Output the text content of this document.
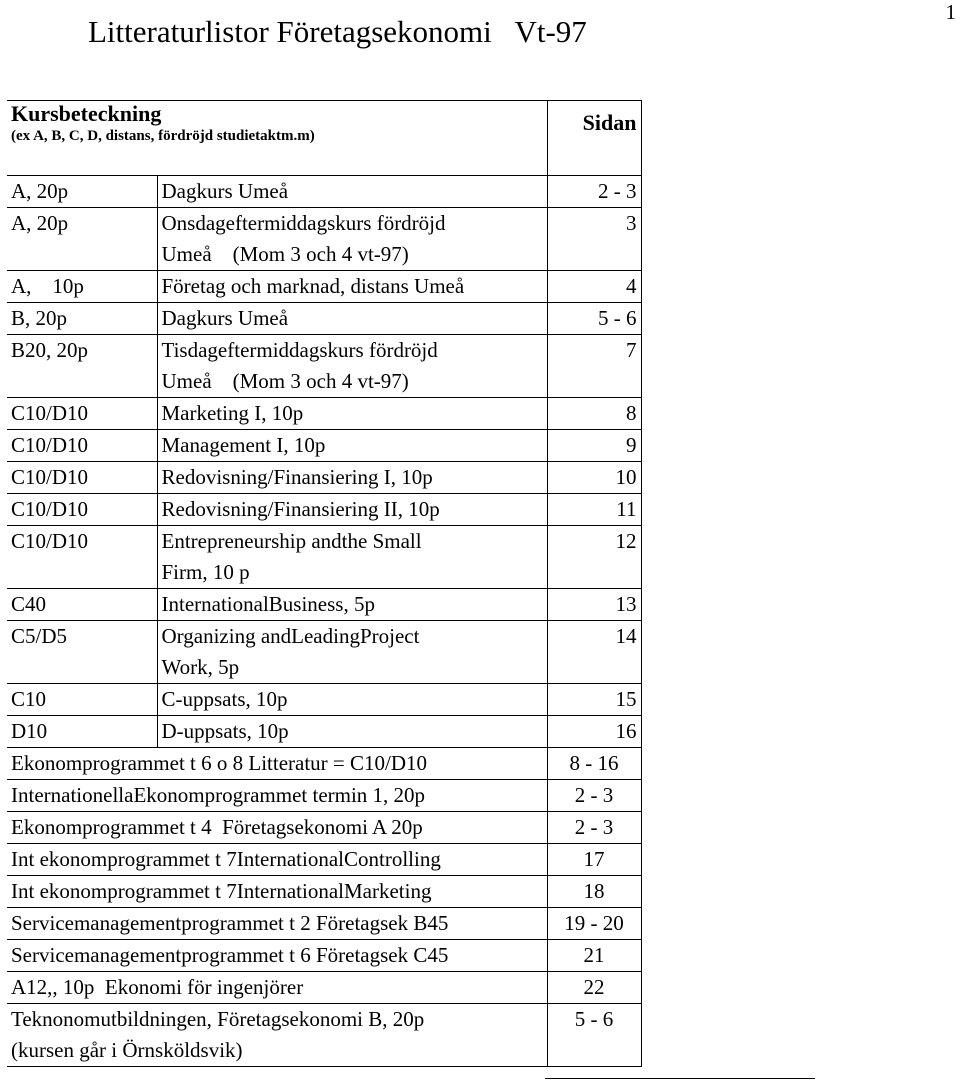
1
Litteraturlistor Företagsekonomi   Vt-97
Kursbeteckning
(ex A, B, C, D, distans, fördröjd studietaktm.m)		Sidan
A, 20p	Dagkurs Umeå	2 - 3
A, 20p	Onsdageftermiddagskurs fördröjd
Umeå    (Mom 3 och 4 vt-97)	3
A,    10p	Företag och marknad, distans Umeå	4
B, 20p	Dagkurs Umeå	5 - 6
B20, 20p	Tisdageftermiddagskurs fördröjd
Umeå    (Mom 3 och 4 vt-97)	7
C10/D10	Marketing I, 10p	8
C10/D10	Management I, 10p	9
C10/D10	Redovisning/Finansiering I, 10p	10
C10/D10	Redovisning/Finansiering II, 10p	11
C10/D10	Entrepreneurship andthe Small
Firm, 10 p	12
C40	InternationalBusiness, 5p	13
C5/D5	Organizing andLeadingProject
Work, 5p	14
C10	C-uppsats, 10p	15
D10	D-uppsats, 10p	16

Ekonomprogrammet t 6 o 8 Litteratur = C10/D10		8 - 16

InternationellaEkonomprogrammet termin 1, 20p		2 - 3

Ekonomprogrammet t 4  Företagsekonomi A 20p		2 - 3

Int ekonomprogrammet t 7InternationalControlling		17

Int ekonomprogrammet t 7InternationalMarketing		18

Servicemanagementprogrammet t 2 Företagsek B45		19 - 20

Servicemanagementprogrammet t 6 Företagsek C45		21

A12,, 10p  Ekonomi för ingenjörer		22

Teknonomutbildningen, Företagsekonomi B, 20p
(kursen går i Örnsköldsvik)		5 - 6
